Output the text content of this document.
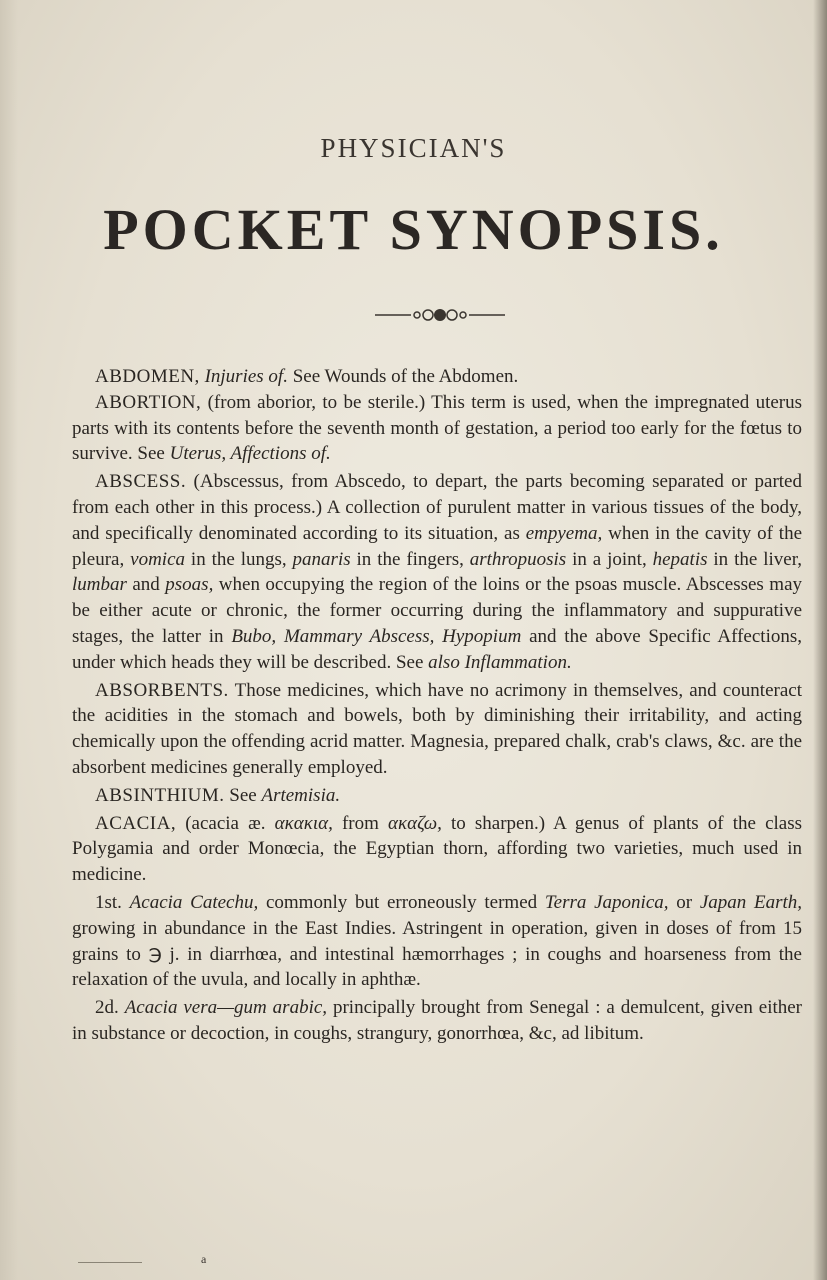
PHYSICIAN'S
POCKET SYNOPSIS.

ABDOMEN, Injuries of. See Wounds of the Abdomen.

ABORTION, (from aborior, to be sterile.) This term is used, when the impregnated uterus parts with its contents before the seventh month of gestation, a period too early for the fœtus to survive. See Uterus, Affections of.

ABSCESS. (Abscessus, from Abscedo, to depart, the parts becoming separated or parted from each other in this process.) A collection of purulent matter in various tissues of the body, and specifically denominated according to its situation, as empyema, when in the cavity of the pleura, vomica in the lungs, panaris in the fingers, arthropuosis in a joint, hepatis in the liver, lumbar and psoas, when occupying the region of the loins or the psoas muscle. Abscesses may be either acute or chronic, the former occurring during the inflammatory and suppurative stages, the latter in Bubo, Mammary Abscess, Hypopium and the above Specific Affections, under which heads they will be described. See also Inflammation.

ABSORBENTS. Those medicines, which have no acrimony in themselves, and counteract the acidities in the stomach and bowels, both by diminishing their irritability, and acting chemically upon the offending acrid matter. Magnesia, prepared chalk, crab's claws, &c. are the absorbent medicines generally employed.

ABSINTHIUM. See Artemisia.

ACACIA, (acacia æ. ακακια, from ακαζω, to sharpen.) A genus of plants of the class Polygamia and order Monœcia, the Egyptian thorn, affording two varieties, much used in medicine.

1st. Acacia Catechu, commonly but erroneously termed Terra Japonica, or Japan Earth, growing in abundance in the East Indies. Astringent in operation, given in doses of from 15 grains to ℈ j. in diarrhœa, and intestinal hæmorrhages ; in coughs and hoarseness from the relaxation of the uvula, and locally in aphthæ.

2d. Acacia vera—gum arabic, principally brought from Senegal : a demulcent, given either in substance or decoction, in coughs, strangury, gonorrhœa, &c, ad libitum.

a
